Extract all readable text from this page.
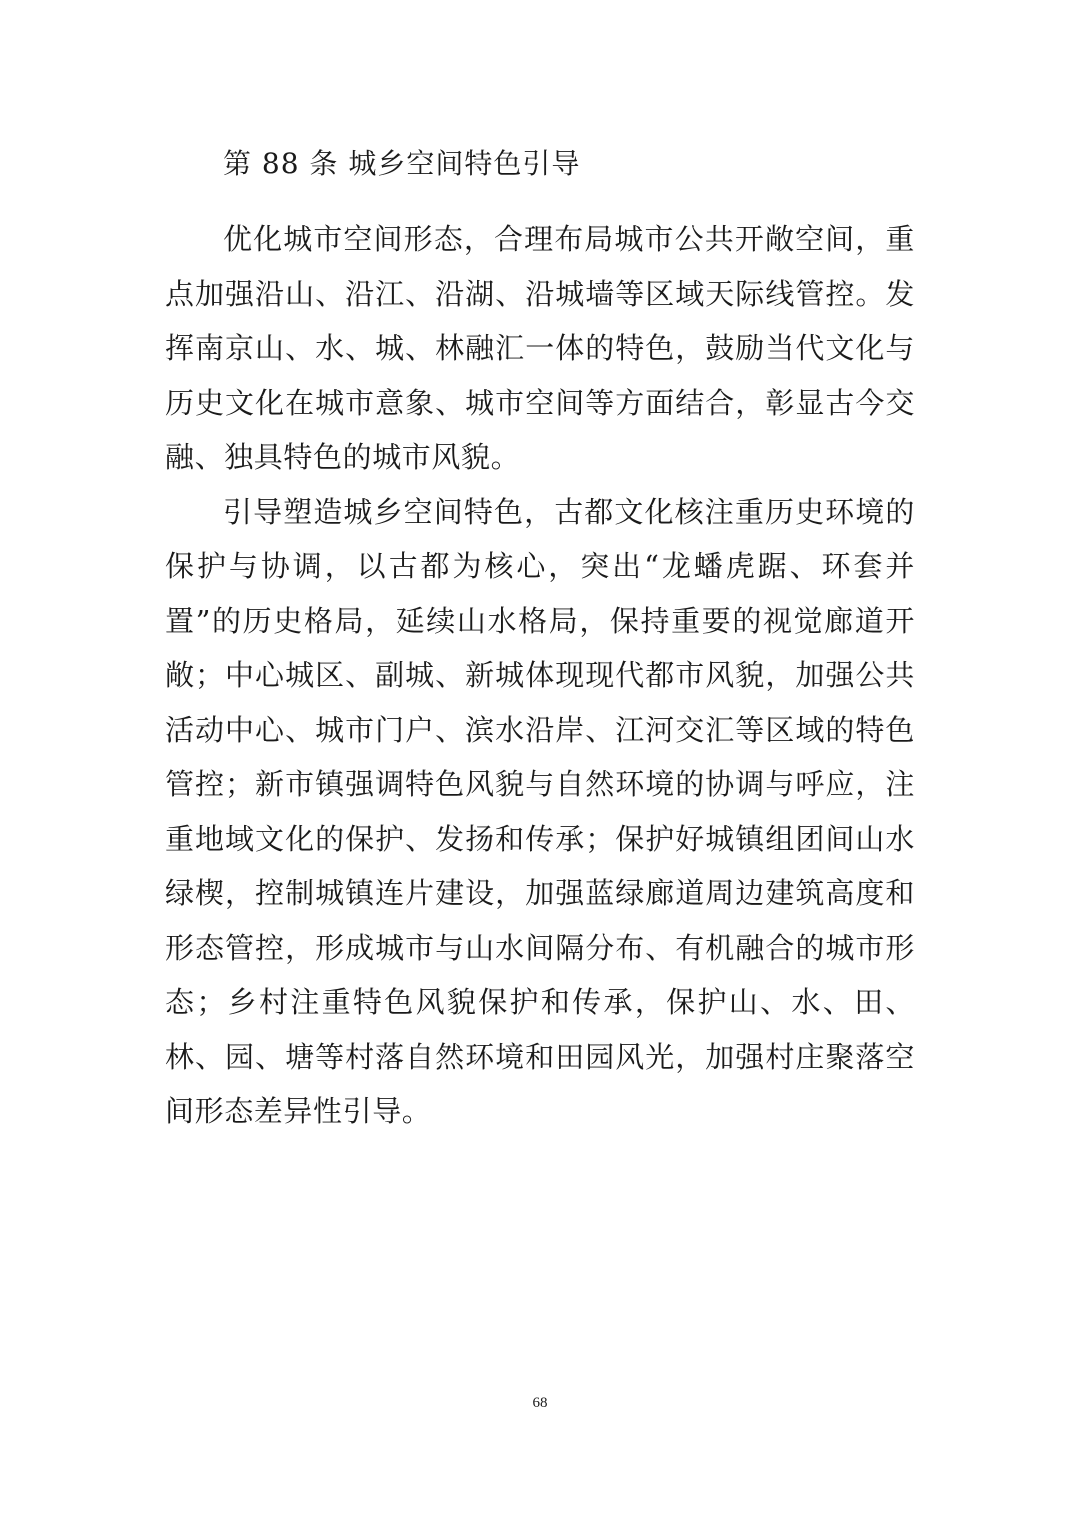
第 88 条 城乡空间特色引导

优化城市空间形态，合理布局城市公共开敞空间，重点加强沿山、沿江、沿湖、沿城墙等区域天际线管控。发挥南京山、水、城、林融汇一体的特色，鼓励当代文化与历史文化在城市意象、城市空间等方面结合，彰显古今交融、独具特色的城市风貌。

引导塑造城乡空间特色，古都文化核注重历史环境的保护与协调，以古都为核心，突出“龙蟠虎踞、环套并置”的历史格局，延续山水格局，保持重要的视觉廊道开敞；中心城区、副城、新城体现现代都市风貌，加强公共活动中心、城市门户、滨水沿岸、江河交汇等区域的特色管控；新市镇强调特色风貌与自然环境的协调与呼应，注重地域文化的保护、发扬和传承；保护好城镇组团间山水绿楔，控制城镇连片建设，加强蓝绿廊道周边建筑高度和形态管控，形成城市与山水间隔分布、有机融合的城市形态；乡村注重特色风貌保护和传承，保护山、水、田、林、园、塘等村落自然环境和田园风光，加强村庄聚落空间形态差异性引导。

68
